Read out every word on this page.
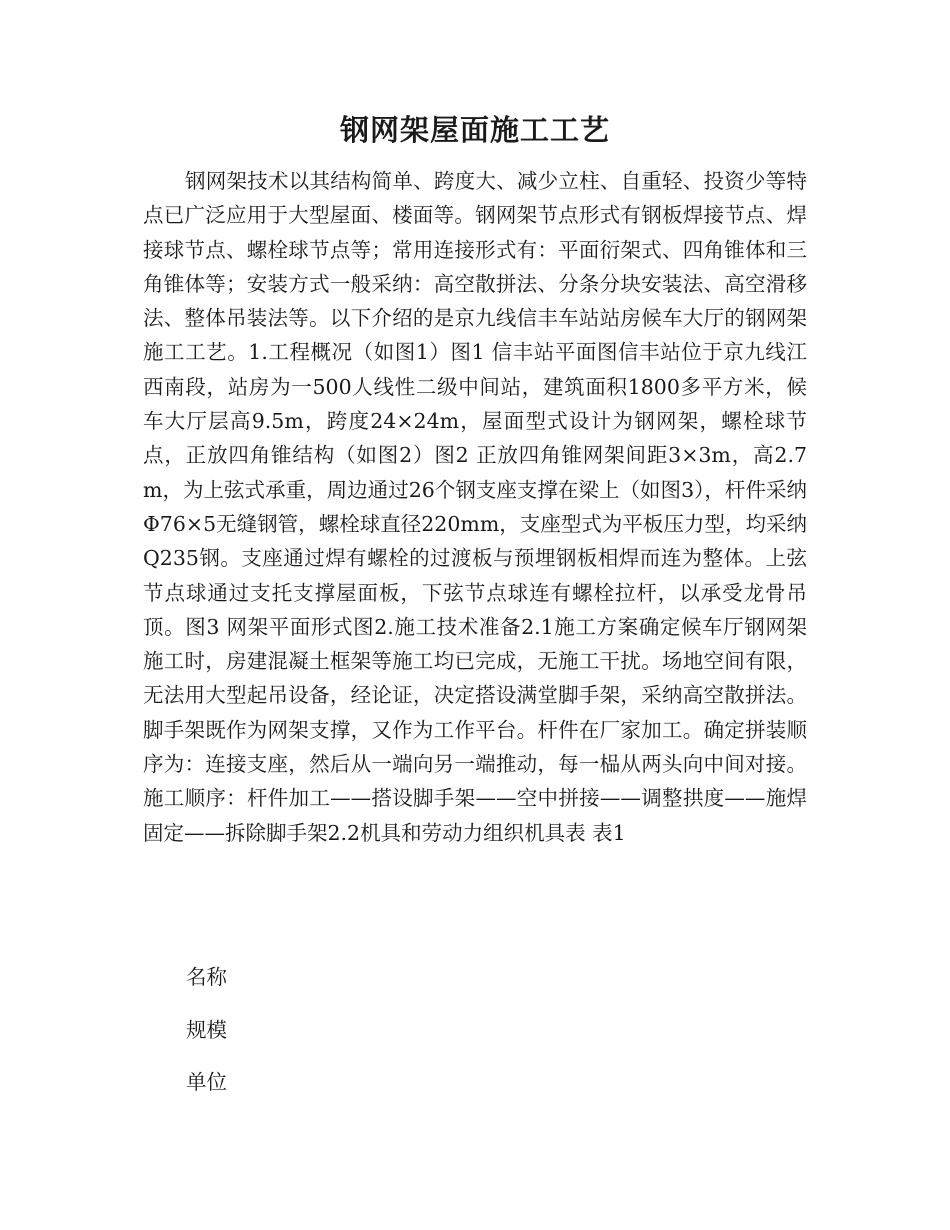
钢网架屋面施工工艺

钢网架技术以其结构简单、跨度大、减少立柱、自重轻、投资少等特点已广泛应用于大型屋面、楼面等。钢网架节点形式有钢板焊接节点、焊接球节点、螺栓球节点等；常用连接形式有：平面衍架式、四角锥体和三角锥体等；安装方式一般采纳：高空散拼法、分条分块安装法、高空滑移法、整体吊装法等。以下介绍的是京九线信丰车站站房候车大厅的钢网架施工工艺。1.工程概况（如图1）图1 信丰站平面图信丰站位于京九线江西南段，站房为一500人线性二级中间站，建筑面积1800多平方米，候车大厅层高9.5m，跨度24×24m，屋面型式设计为钢网架，螺栓球节点，正放四角锥结构（如图2）图2 正放四角锥网架间距3×3m，高2.7m，为上弦式承重，周边通过26个钢支座支撑在梁上（如图3），杆件采纳Φ76×5无缝钢管，螺栓球直径220mm，支座型式为平板压力型，均采纳Q235钢。支座通过焊有螺栓的过渡板与预埋钢板相焊而连为整体。上弦节点球通过支托支撑屋面板，下弦节点球连有螺栓拉杆，以承受龙骨吊顶。图3 网架平面形式图2.施工技术准备2.1施工方案确定候车厅钢网架施工时，房建混凝土框架等施工均已完成，无施工干扰。场地空间有限，无法用大型起吊设备，经论证，决定搭设满堂脚手架，采纳高空散拼法。脚手架既作为网架支撑，又作为工作平台。杆件在厂家加工。确定拼装顺序为：连接支座，然后从一端向另一端推动，每一榀从两头向中间对接。施工顺序：杆件加工——搭设脚手架——空中拼接——调整拱度——施焊固定——拆除脚手架2.2机具和劳动力组织机具表 表1

名称
规模
单位
